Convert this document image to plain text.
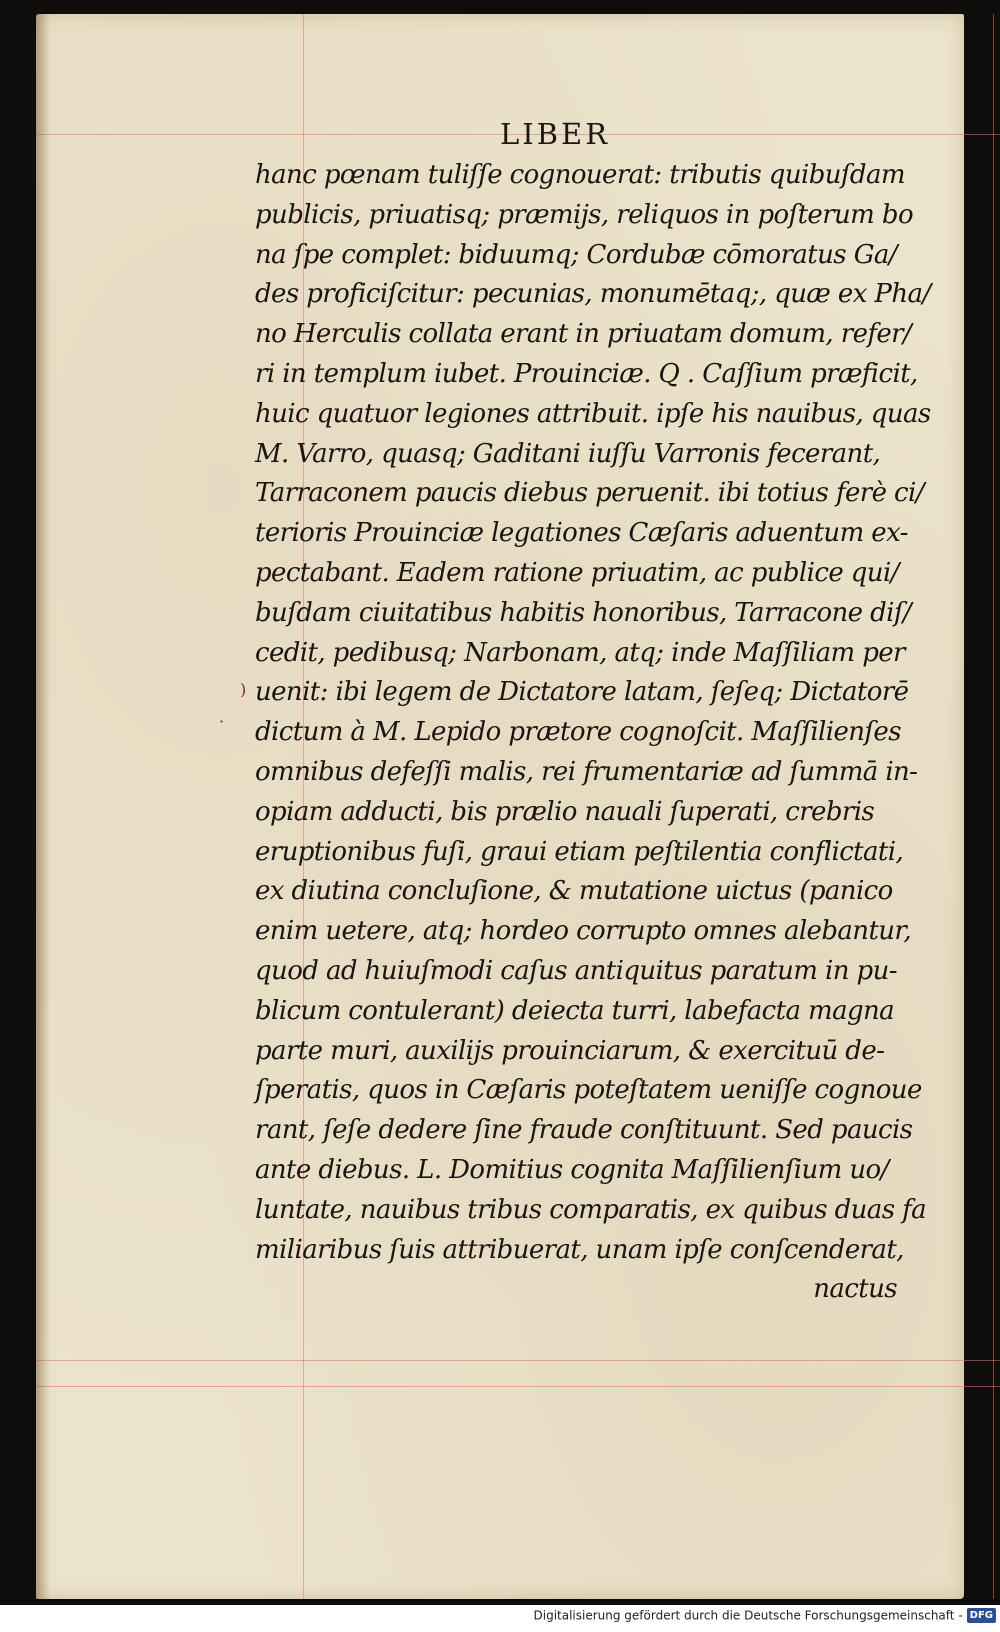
LIBER
hanc pœnam tuliſſe cognouerat: tributis quibuſdam
publicis, priuatisq; præmijs, reliquos in poſterum bo
na ſpe complet: biduumq; Cordubæ cōmoratus Ga/
des proficiſcitur: pecunias, monumētaq;, quæ ex Pha/
no Herculis collata erant in priuatam domum, refer/
ri in templum iubet. Prouinciæ. Q . Caſſium præficit,
huic quatuor legiones attribuit. ipſe his nauibus, quas
M. Varro, quasq; Gaditani iuſſu Varronis fecerant,
Tarraconem paucis diebus peruenit. ibi totius ferè ci/
terioris Prouinciæ legationes Cæſaris aduentum ex-
pectabant. Eadem ratione priuatim, ac publice qui/
buſdam ciuitatibus habitis honoribus, Tarracone diſ/
cedit, pedibusq; Narbonam, atq; inde Maſſiliam per
uenit: ibi legem de Dictatore latam, ſeſeq; Dictatorē
dictum à M. Lepido prætore cognoſcit. Maſſilienſes
omnibus defeſſi malis, rei frumentariæ ad ſummā in-
opiam adducti, bis prælio nauali ſuperati, crebris
eruptionibus fuſi, graui etiam peſtilentia conflictati,
ex diutina concluſione, & mutatione uictus (panico
enim uetere, atq; hordeo corrupto omnes alebantur,
quod ad huiuſmodi caſus antiquitus paratum in pu-
blicum contulerant) deiecta turri, labefacta magna
parte muri, auxilijs prouinciarum, & exercituū de-
ſperatis, quos in Cæſaris poteſtatem ueniſſe cognoue
rant, ſeſe dedere ſine fraude conſtituunt. Sed paucis
ante diebus. L. Domitius cognita Maſſilienſium uo/
luntate, nauibus tribus comparatis, ex quibus duas fa
miliaribus ſuis attribuerat, unam ipſe conſcenderat,
nactus
)
·
Digitalisierung gefördert durch die Deutsche Forschungsgemeinschaft - DFG
